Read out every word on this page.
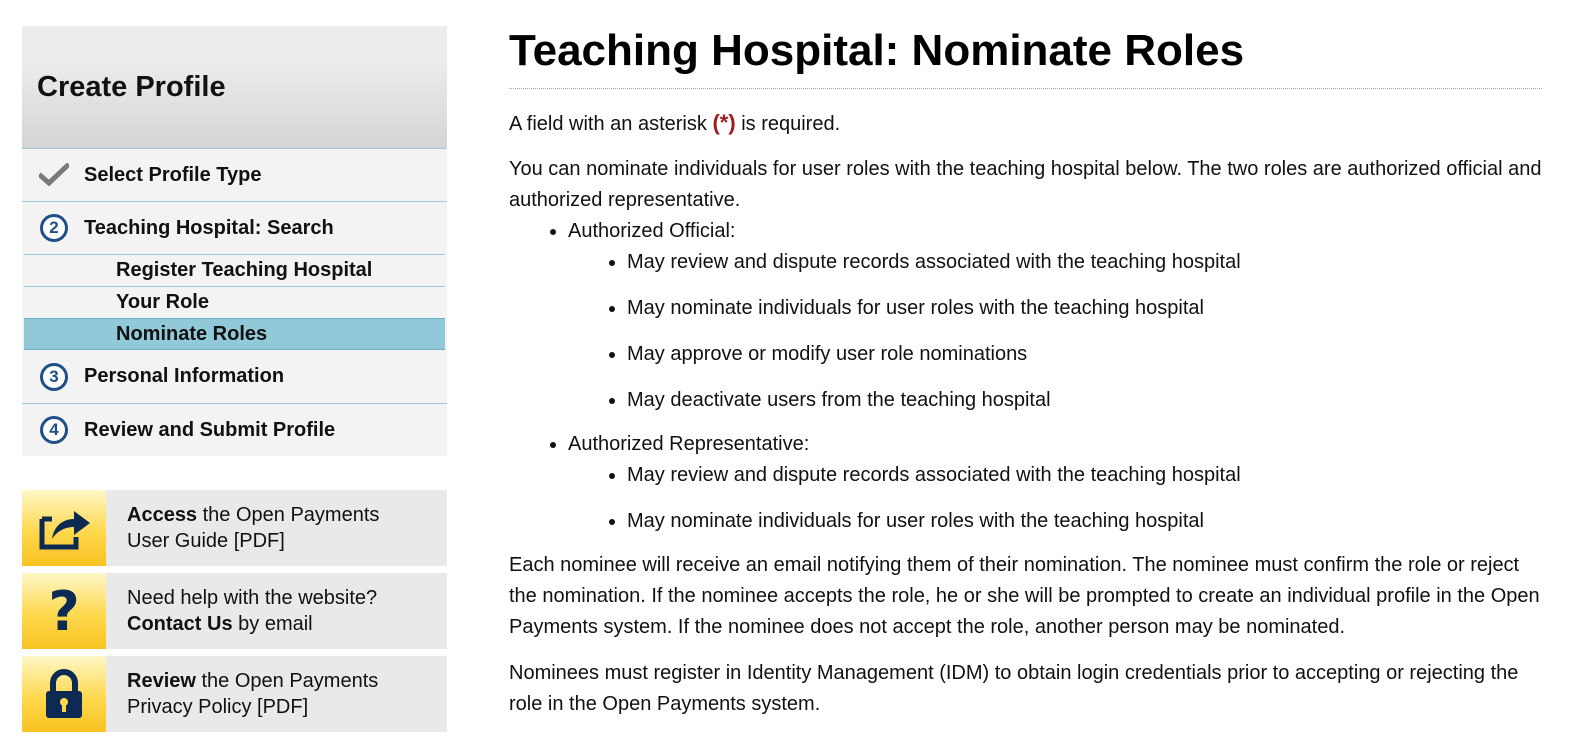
Create Profile
Select Profile Type
2	Teaching Hospital: Search
Register Teaching Hospital
Your Role
Nominate Roles
3	Personal Information
4	Review and Submit Profile
Access the Open Payments
User Guide [PDF]
?	Need help with the website?
Contact Us by email
Review the Open Payments
Privacy Policy [PDF]
Teaching Hospital: Nominate Roles

A field with an asterisk (*) is required.

You can nominate individuals for user roles with the teaching hospital below. The two roles are authorized official and authorized representative.

• Authorized Official:
• May review and dispute records associated with the teaching hospital
• May nominate individuals for user roles with the teaching hospital
• May approve or modify user role nominations
• May deactivate users from the teaching hospital
• Authorized Representative:
• May review and dispute records associated with the teaching hospital
• May nominate individuals for user roles with the teaching hospital

Each nominee will receive an email notifying them of their nomination. The nominee must confirm the role or reject the nomination. If the nominee accepts the role, he or she will be prompted to create an individual profile in the Open Payments system. If the nominee does not accept the role, another person may be nominated.

Nominees must register in Identity Management (IDM) to obtain login credentials prior to accepting or rejecting the role in the Open Payments system.
